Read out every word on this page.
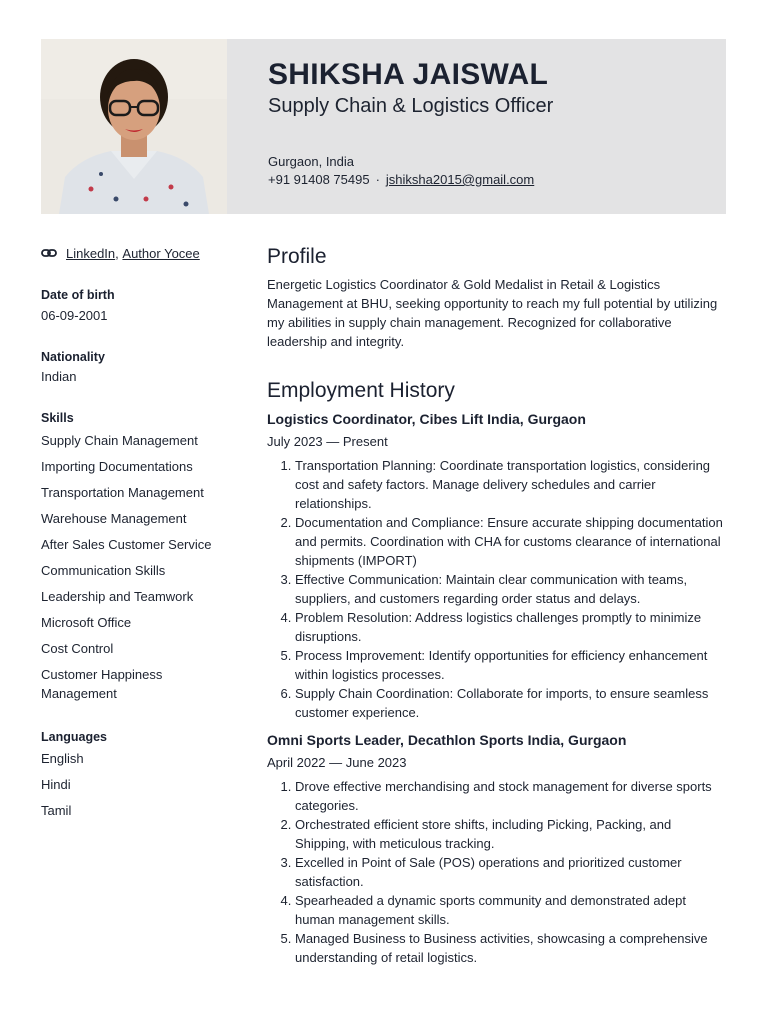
SHIKSHA JAISWAL
Supply Chain & Logistics Officer
Gurgaon, India
+91 91408 75495 · jshiksha2015@gmail.com
LinkedIn ,
Author Yocee
Date of birth
06-09-2001
Nationality
Indian
Skills
Supply Chain Management
Importing Documentations
Transportation Management
Warehouse Management
After Sales Customer Service
Communication Skills
Leadership and Teamwork
Microsoft Office
Cost Control
Customer Happiness Management
Languages
English
Hindi
Tamil
Profile

Energetic Logistics Coordinator & Gold Medalist in Retail & Logistics Management at BHU, seeking opportunity to reach my full potential by utilizing my abilities in supply chain management. Recognized for collaborative leadership and integrity.

Employment History
Logistics Coordinator, Cibes Lift India, Gurgaon
July 2023 — Present
1. Transportation Planning: Coordinate transportation logistics, considering cost and safety factors. Manage delivery schedules and carrier relationships.
2. Documentation and Compliance: Ensure accurate shipping documentation and permits. Coordination with CHA for customs clearance of international shipments (IMPORT)
3. Effective Communication: Maintain clear communication with teams, suppliers, and customers regarding order status and delays.
4. Problem Resolution: Address logistics challenges promptly to minimize disruptions.
5. Process Improvement: Identify opportunities for efficiency enhancement within logistics processes.
6. Supply Chain Coordination: Collaborate for imports, to ensure seamless customer experience.
Omni Sports Leader, Decathlon Sports India, Gurgaon
April 2022 — June 2023
1. Drove effective merchandising and stock management for diverse sports categories.
2. Orchestrated efficient store shifts, including Picking, Packing, and Shipping, with meticulous tracking.
3. Excelled in Point of Sale (POS) operations and prioritized customer satisfaction.
4. Spearheaded a dynamic sports community and demonstrated adept human management skills.
5. Managed Business to Business activities, showcasing a comprehensive understanding of retail logistics.
